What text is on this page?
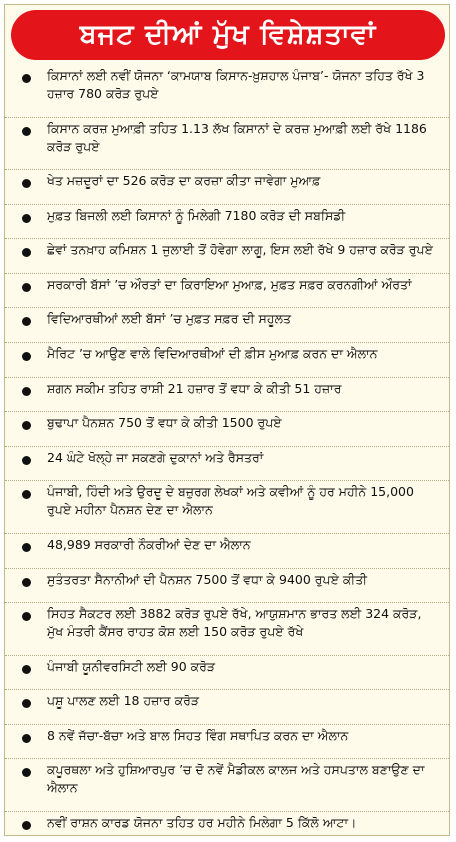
ਬਜਟ ਦੀਆਂ ਮੁੱਖ ਵਿਸ਼ੇਸ਼ਤਾਵਾਂ
ਕਿਸਾਨਾਂ ਲਈ ਨਵੀਂ ਯੋਜਨਾ ‘ਕਾਮਯਾਬ ਕਿਸਾਨ-ਖ਼ੁਸ਼ਹਾਲ ਪੰਜਾਬ’- ਯੋਜਨਾ ਤਹਿਤ ਰੱਖੇ 3 ਹਜ਼ਾਰ 780 ਕਰੋੜ ਰੁਪਏ
ਕਿਸਾਨ ਕਰਜ਼ ਮੁਆਫ਼ੀ ਤਹਿਤ 1.13 ਲੱਖ ਕਿਸਾਨਾਂ ਦੇ ਕਰਜ਼ ਮੁਆਫ਼ੀ ਲਈ ਰੱਖੇ 1186 ਕਰੋੜ ਰੁਪਏ
ਖੇਤ ਮਜ਼ਦੂਰਾਂ ਦਾ 526 ਕਰੋੜ ਦਾ ਕਰਜ਼ਾ ਕੀਤਾ ਜਾਵੇਗਾ ਮੁਆਫ਼
ਮੁਫ਼ਤ ਬਿਜਲੀ ਲਈ ਕਿਸਾਨਾਂ ਨੂੰ ਮਿਲੇਗੀ 7180 ਕਰੋੜ ਦੀ ਸਬਸਿਡੀ
ਛੇਵਾਂ ਤਨਖ਼ਾਹ ਕਮਿਸ਼ਨ 1 ਜੁਲਾਈ ਤੋਂ ਹੋਵੇਗਾ ਲਾਗੂ, ਇਸ ਲਈ ਰੱਖੇ 9 ਹਜ਼ਾਰ ਕਰੋੜ ਰੁਪਏ
ਸਰਕਾਰੀ ਬੱਸਾਂ ’ਚ ਔਰਤਾਂ ਦਾ ਕਿਰਾਇਆ ਮੁਆਫ਼, ਮੁਫ਼ਤ ਸਫ਼ਰ ਕਰਨਗੀਆਂ ਔਰਤਾਂ
ਵਿਦਿਆਰਥੀਆਂ ਲਈ ਬੱਸਾਂ ’ਚ ਮੁਫ਼ਤ ਸਫ਼ਰ ਦੀ ਸਹੂਲਤ
ਮੈਰਿਟ ’ਚ ਆਉਣ ਵਾਲੇ ਵਿਦਿਆਰਥੀਆਂ ਦੀ ਫ਼ੀਸ ਮੁਆਫ਼ ਕਰਨ ਦਾ ਐਲਾਨ
ਸ਼ਗਨ ਸਕੀਮ ਤਹਿਤ ਰਾਸ਼ੀ 21 ਹਜ਼ਾਰ ਤੋਂ ਵਧਾ ਕੇ ਕੀਤੀ 51 ਹਜ਼ਾਰ
ਬੁਢਾਪਾ ਪੈਨਸ਼ਨ 750 ਤੋਂ ਵਧਾ ਕੇ ਕੀਤੀ 1500 ਰੁਪਏ
24 ਘੰਟੇ ਖੋਲ੍ਹੇ ਜਾ ਸਕਣਗੇ ਦੁਕਾਨਾਂ ਅਤੇ ਰੈਸਤਰਾਂ
ਪੰਜਾਬੀ, ਹਿੰਦੀ ਅਤੇ ਉਰਦੂ ਦੇ ਬਜ਼ੁਰਗ ਲੇਖਕਾਂ ਅਤੇ ਕਵੀਆਂ ਨੂੰ ਹਰ ਮਹੀਨੇ 15,000 ਰੁਪਏ ਮਹੀਨਾ ਪੈਨਸ਼ਨ ਦੇਣ ਦਾ ਐਲਾਨ
48,989 ਸਰਕਾਰੀ ਨੌਕਰੀਆਂ ਦੇਣ ਦਾ ਐਲਾਨ
ਸੁਤੰਤਰਤਾ ਸੈਨਾਨੀਆਂ ਦੀ ਪੈਨਸ਼ਨ 7500 ਤੋਂ ਵਧਾ ਕੇ 9400 ਰੁਪਏ ਕੀਤੀ
ਸਿਹਤ ਸੈਕਟਰ ਲਈ 3882 ਕਰੋੜ ਰੁਪਏ ਰੱਖੇ, ਆਯੁਸ਼ਮਾਨ ਭਾਰਤ ਲਈ 324 ਕਰੋੜ, ਮੁੱਖ ਮੰਤਰੀ ਕੈਂਸਰ ਰਾਹਤ ਕੋਸ਼ ਲਈ 150 ਕਰੋੜ ਰੁਪਏ ਰੱਖੇ
ਪੰਜਾਬੀ ਯੂਨੀਵਰਸਿਟੀ ਲਈ 90 ਕਰੋੜ
ਪਸ਼ੂ ਪਾਲਣ ਲਈ 18 ਹਜ਼ਾਰ ਕਰੋੜ
8 ਨਵੇਂ ਜੱਚਾ-ਬੱਚਾ ਅਤੇ ਬਾਲ ਸਿਹਤ ਵਿੰਗ ਸਥਾਪਿਤ ਕਰਨ ਦਾ ਐਲਾਨ
ਕਪੂਰਥਲਾ ਅਤੇ ਹੁਸ਼ਿਆਰਪੁਰ ’ਚ ਦੋ ਨਵੇਂ ਮੈਡੀਕਲ ਕਾਲਜ ਅਤੇ ਹਸਪਤਾਲ ਬਣਾਉਣ ਦਾ ਐਲਾਨ
ਨਵੀਂ ਰਾਸ਼ਨ ਕਾਰਡ ਯੋਜਨਾ ਤਹਿਤ ਹਰ ਮਹੀਨੇ ਮਿਲੇਗਾ 5 ਕਿੱਲੋ ਆਟਾ।
